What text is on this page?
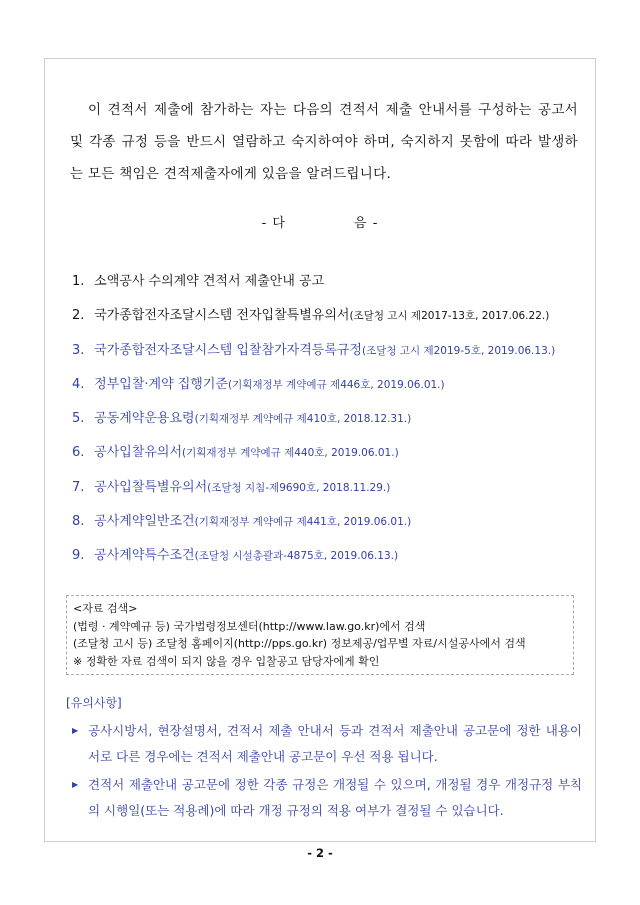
이 견적서 제출에 참가하는 자는 다음의 견적서 제출 안내서를 구성하는 공고서 및 각종 규정 등을 반드시 열람하고 숙지하여야 하며, 숙지하지 못함에 따라 발생하는 모든 책임은 견적제출자에게 있음을 알려드립니다.

- 다	음 -
1. 소액공사 수의계약 견적서 제출안내 공고
2. 국가종합전자조달시스템 전자입찰특별유의서(조달청 고시 제2017-13호, 2017.06.22.)
3. 국가종합전자조달시스템 입찰참가자격등록규정(조달청 고시 제2019-5호, 2019.06.13.)
4. 정부입찰·계약 집행기준(기획재정부 계약예규 제446호, 2019.06.01.)
5. 공동계약운용요령(기획재정부 계약예규 제410호, 2018.12.31.)
6. 공사입찰유의서(기획재정부 계약예규 제440호, 2019.06.01.)
7. 공사입찰특별유의서(조달청 지침-제9690호, 2018.11.29.)
8. 공사계약일반조건(기획재정부 계약예규 제441호, 2019.06.01.)
9. 공사계약특수조건(조달청 시설총괄과-4875호, 2019.06.13.)
<자료 검색>
(법령 · 계약예규 등) 국가법령정보센터(http://www.law.go.kr)에서 검색
(조달청 고시 등) 조달청 홈페이지(http://pps.go.kr) 정보제공/업무별 자료/시설공사에서 검색
※ 정확한 자료 검색이 되지 않을 경우 입찰공고 담당자에게 확인
[유의사항]
▶ 공사시방서, 현장설명서, 견적서 제출 안내서 등과 견적서 제출안내 공고문에 정한 내용이 서로 다른 경우에는 견적서 제출안내 공고문이 우선 적용 됩니다.
▶ 견적서 제출안내 공고문에 정한 각종 규정은 개정될 수 있으며, 개정될 경우 개정규정 부칙의 시행일(또는 적용례)에 따라 개정 규정의 적용 여부가 결정될 수 있습니다.
- 2 -
